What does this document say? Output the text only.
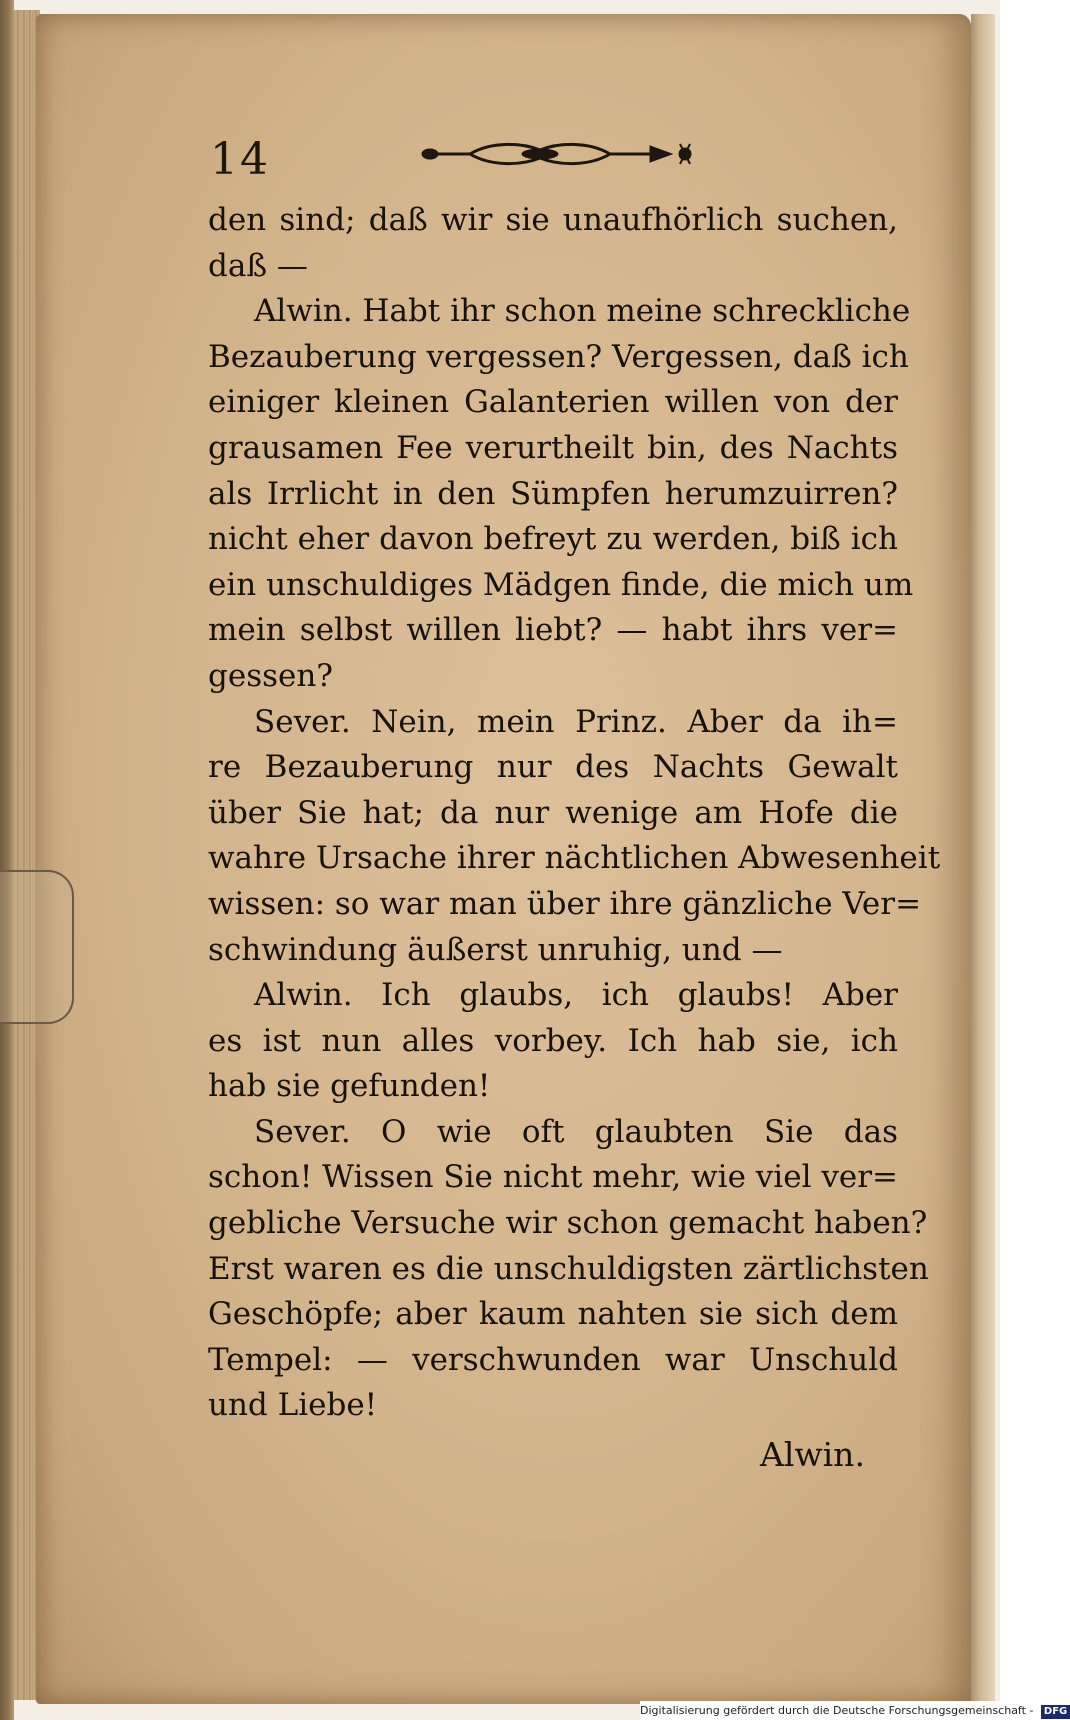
14
den sind; daß wir sie unaufhörlich suchen,
daß —
Alwin. Habt ihr schon meine schreckliche
Bezauberung vergessen? Vergessen, daß ich
einiger kleinen Galanterien willen von der
grausamen Fee verurtheilt bin, des Nachts
als Irrlicht in den Sümpfen herumzuirren?
nicht eher davon befreyt zu werden, biß ich
ein unschuldiges Mädgen finde, die mich um
mein selbst willen liebt? — habt ihrs ver=
gessen?
Sever. Nein, mein Prinz. Aber da ih=
re Bezauberung nur des Nachts Gewalt
über Sie hat; da nur wenige am Hofe die
wahre Ursache ihrer nächtlichen Abwesenheit
wissen: so war man über ihre gänzliche Ver=
schwindung äußerst unruhig, und —
Alwin. Ich glaubs, ich glaubs! Aber
es ist nun alles vorbey. Ich hab sie, ich
hab sie gefunden!
Sever. O wie oft glaubten Sie das
schon! Wissen Sie nicht mehr, wie viel ver=
gebliche Versuche wir schon gemacht haben?
Erst waren es die unschuldigsten zärtlichsten
Geschöpfe; aber kaum nahten sie sich dem
Tempel: — verschwunden war Unschuld
und Liebe!
Alwin.
Digitalisierung gefördert durch die Deutsche Forschungsgemeinschaft - DFG
